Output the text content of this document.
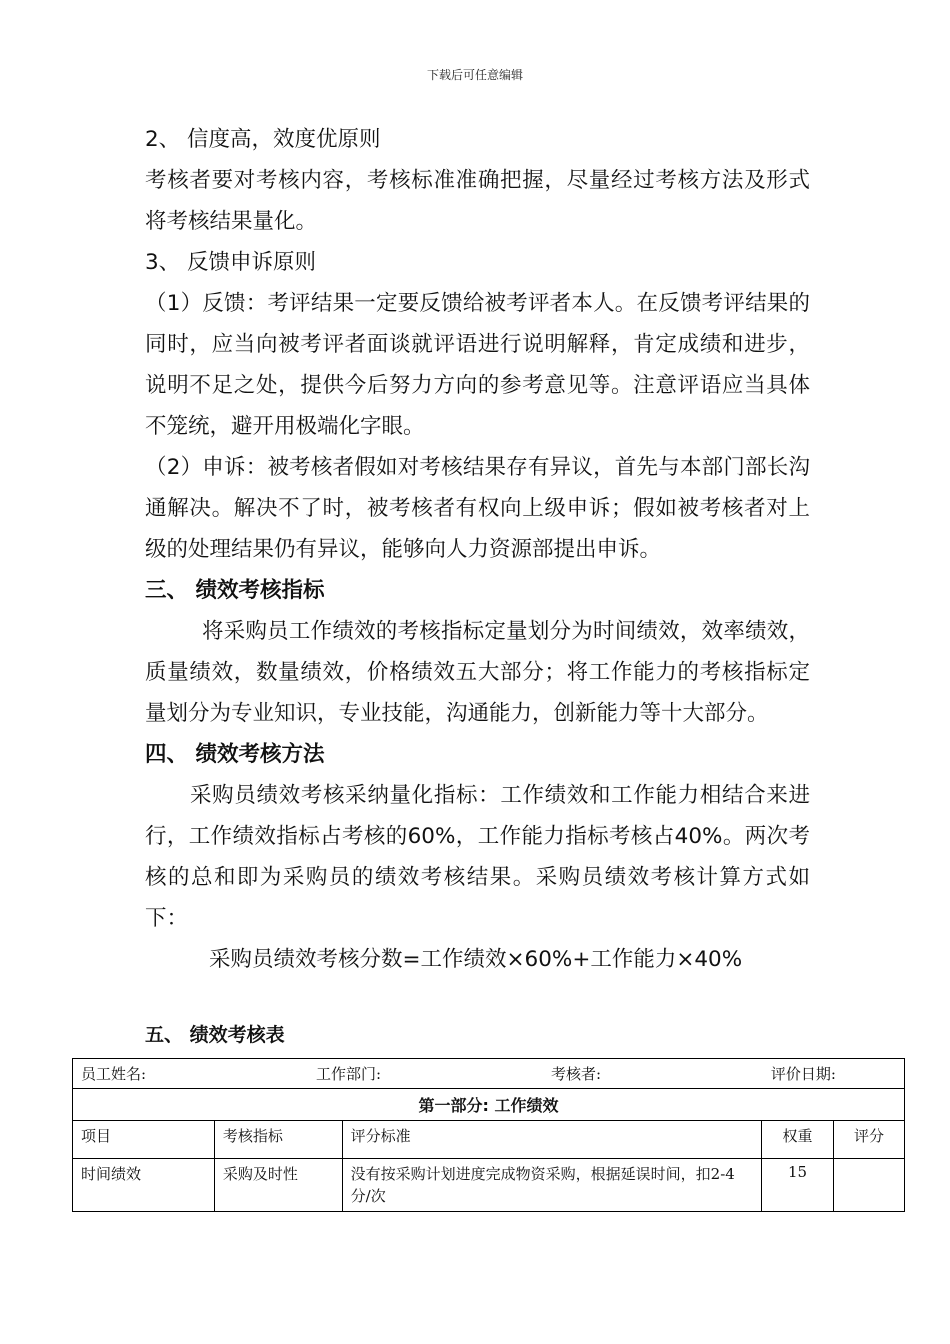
下载后可任意编辑

2、 信度高，效度优原则

考核者要对考核内容，考核标准准确把握，尽量经过考核方法及形式将考核结果量化。

3、 反馈申诉原则

（1）反馈：考评结果一定要反馈给被考评者本人。在反馈考评结果的同时，应当向被考评者面谈就评语进行说明解释，肯定成绩和进步，说明不足之处，提供今后努力方向的参考意见等。注意评语应当具体不笼统，避开用极端化字眼。

（2）申诉：被考核者假如对考核结果存有异议，首先与本部门部长沟通解决。解决不了时，被考核者有权向上级申诉；假如被考核者对上级的处理结果仍有异议，能够向人力资源部提出申诉。

三、 绩效考核指标

将采购员工作绩效的考核指标定量划分为时间绩效，效率绩效，质量绩效，数量绩效，价格绩效五大部分；将工作能力的考核指标定量划分为专业知识，专业技能，沟通能力，创新能力等十大部分。

四、 绩效考核方法

采购员绩效考核采纳量化指标：工作绩效和工作能力相结合来进行，工作绩效指标占考核的60%，工作能力指标考核占40%。两次考核的总和即为采购员的绩效考核结果。采购员绩效考核计算方式如下：

采购员绩效考核分数=工作绩效×60%+工作能力×40%

五、 绩效考核表
员工姓名: 工作部门: 考核者: 评价日期:				

第一部分: 工作绩效				
项目	考核指标	评分标准	权重	评分
时间绩效	采购及时性	没有按采购计划进度完成物资采购，根据延误时间，扣2-4分/次	15	
